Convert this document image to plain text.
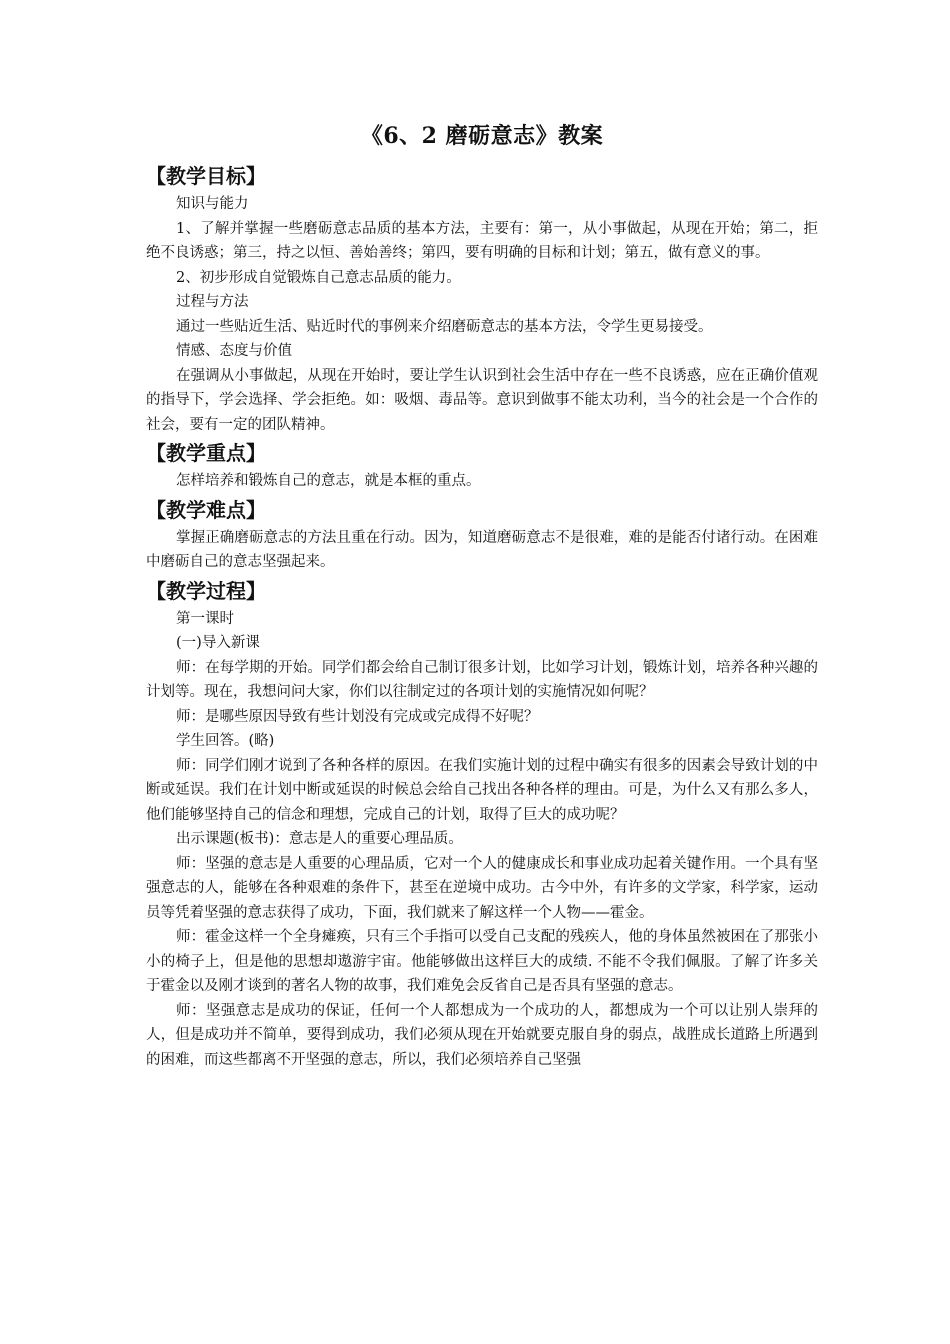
《6、2 磨砺意志》教案
【教学目标】

知识与能力

1、了解并掌握一些磨砺意志品质的基本方法，主要有：第一，从小事做起，从现在开始；第二，拒绝不良诱惑；第三，持之以恒、善始善终；第四，要有明确的目标和计划；第五，做有意义的事。

2、初步形成自觉锻炼自己意志品质的能力。

过程与方法

通过一些贴近生活、贴近时代的事例来介绍磨砺意志的基本方法，令学生更易接受。

情感、态度与价值

在强调从小事做起，从现在开始时，要让学生认识到社会生活中存在一些不良诱惑，应在正确价值观的指导下，学会选择、学会拒绝。如：吸烟、毒品等。意识到做事不能太功利，当今的社会是一个合作的社会，要有一定的团队精神。

【教学重点】

怎样培养和锻炼自己的意志，就是本框的重点。

【教学难点】

掌握正确磨砺意志的方法且重在行动。因为，知道磨砺意志不是很难，难的是能否付诸行动。在困难中磨砺自己的意志坚强起来。

【教学过程】

第一课时

(一)导入新课

师：在每学期的开始。同学们都会给自己制订很多计划，比如学习计划，锻炼计划，培养各种兴趣的计划等。现在，我想问问大家，你们以往制定过的各项计划的实施情况如何呢？

师：是哪些原因导致有些计划没有完成或完成得不好呢？

学生回答。(略)

师：同学们刚才说到了各种各样的原因。在我们实施计划的过程中确实有很多的因素会导致计划的中断或延误。我们在计划中断或延误的时候总会给自己找出各种各样的理由。可是，为什么又有那么多人，他们能够坚持自己的信念和理想，完成自己的计划，取得了巨大的成功呢？

出示课题(板书)：意志是人的重要心理品质。

师：坚强的意志是人重要的心理品质，它对一个人的健康成长和事业成功起着关键作用。一个具有坚强意志的人，能够在各种艰难的条件下，甚至在逆境中成功。古今中外，有许多的文学家，科学家，运动员等凭着坚强的意志获得了成功，下面，我们就来了解这样一个人物——霍金。

师：霍金这样一个全身瘫痪，只有三个手指可以受自己支配的残疾人，他的身体虽然被困在了那张小小的椅子上，但是他的思想却遨游宇宙。他能够做出这样巨大的成绩. 不能不令我们佩服。了解了许多关于霍金以及刚才谈到的著名人物的故事，我们难免会反省自己是否具有坚强的意志。

师：坚强意志是成功的保证，任何一个人都想成为一个成功的人，都想成为一个可以让别人崇拜的人，但是成功并不简单，要得到成功，我们必须从现在开始就要克服自身的弱点，战胜成长道路上所遇到的困难，而这些都离不开坚强的意志，所以，我们必须培养自己坚强
